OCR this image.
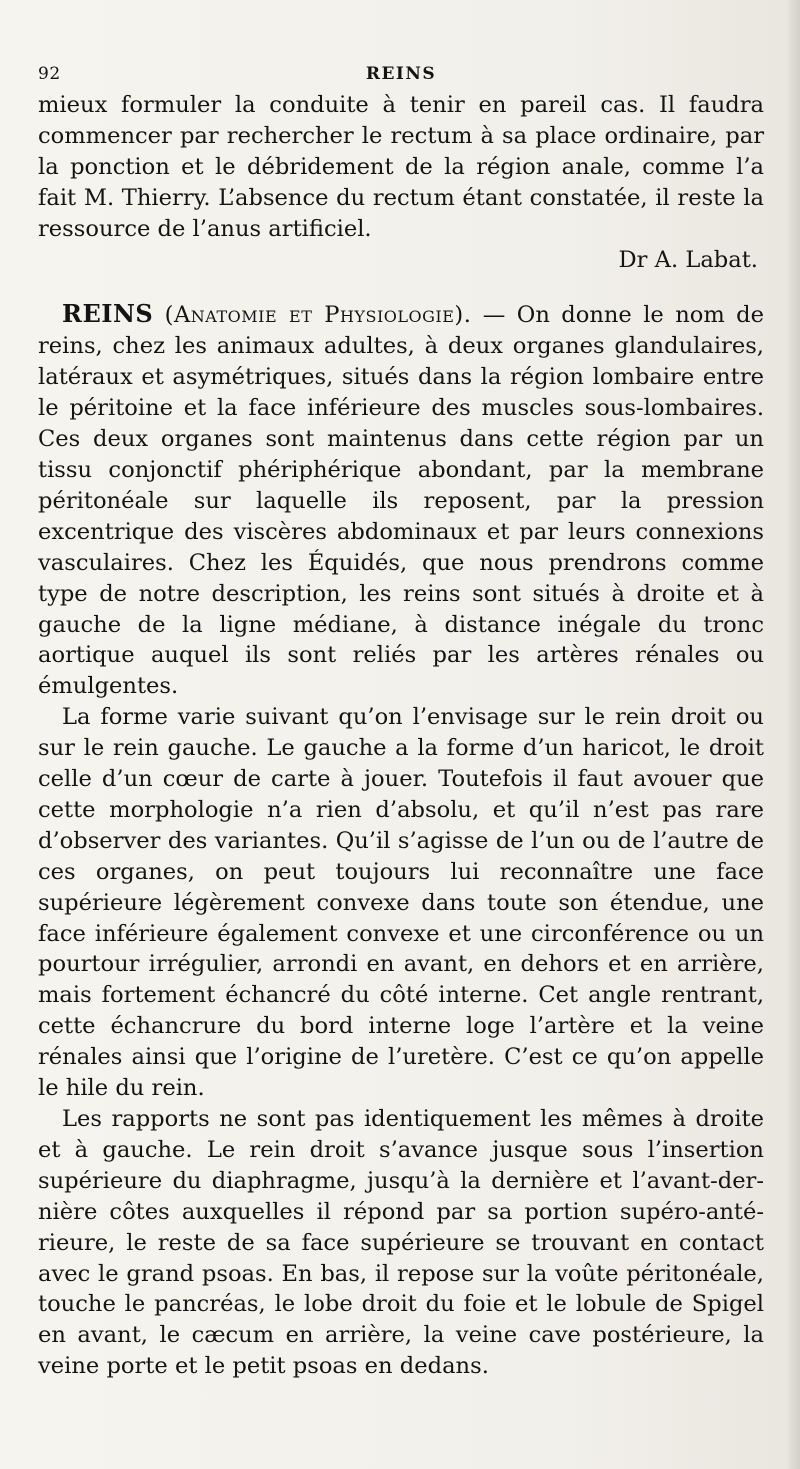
92	REINS

mieux formuler la conduite à tenir en pareil cas. Il faudra commencer par rechercher le rectum à sa place ordinaire, par la ponction et le débridement de la région anale, comme l’a fait M. Thierry. L’absence du rectum étant constatée, il reste la ressource de l’anus artificiel.

Dr A. Labat.

REINS (Anatomie et Physiologie). — On donne le nom de reins, chez les animaux adultes, à deux organes glandulaires, latéraux et asymétriques, situés dans la région lombaire entre le péritoine et la face inférieure des muscles sous-lombaires. Ces deux organes sont maintenus dans cette région par un tissu conjonctif phériphérique abondant, par la membrane péritonéale sur laquelle ils reposent, par la pression excentrique des viscères abdominaux et par leurs connexions vasculaires. Chez les Équidés, que nous prendrons comme type de notre description, les reins sont situés à droite et à gauche de la ligne médiane, à distance inégale du tronc aortique auquel ils sont reliés par les artères rénales ou émulgentes.

La forme varie suivant qu’on l’envisage sur le rein droit ou sur le rein gauche. Le gauche a la forme d’un haricot, le droit celle d’un cœur de carte à jouer. Toutefois il faut avouer que cette morphologie n’a rien d’absolu, et qu’il n’est pas rare d’observer des variantes. Qu’il s’agisse de l’un ou de l’autre de ces organes, on peut toujours lui reconnaître une face supérieure légèrement convexe dans toute son étendue, une face inférieure également convexe et une circonférence ou un pourtour irrégulier, arrondi en avant, en dehors et en arrière, mais fortement échancré du côté interne. Cet angle rentrant, cette échancrure du bord interne loge l’artère et la veine rénales ainsi que l’origine de l’uretère. C’est ce qu’on appelle le hile du rein.

Les rapports ne sont pas identiquement les mêmes à droite et à gauche. Le rein droit s’avance jusque sous l’insertion supérieure du diaphragme, jusqu’à la dernière et l’avant-dernière côtes auxquelles il répond par sa portion supéro-antérieure, le reste de sa face supérieure se trouvant en contact avec le grand psoas. En bas, il repose sur la voûte péritonéale, touche le pancréas, le lobe droit du foie et le lobule de Spigel en avant, le cæcum en arrière, la veine cave postérieure, la veine porte et le petit psoas en dedans.
